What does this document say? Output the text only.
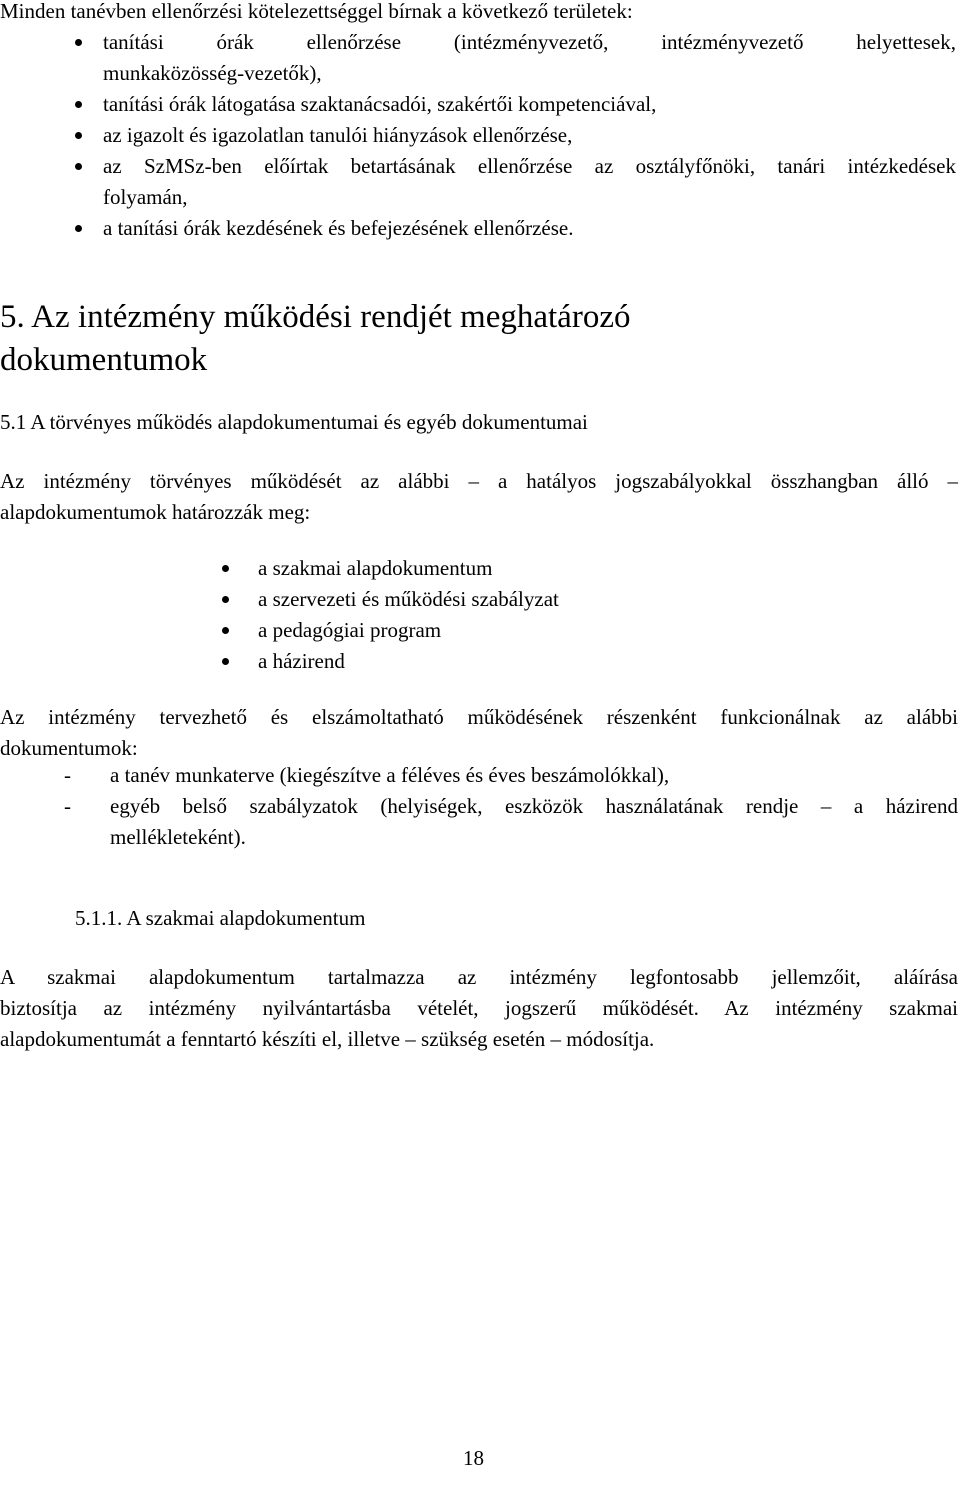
Minden tanévben ellenőrzési kötelezettséggel bírnak a következő területek:
tanítási órák ellenőrzése (intézményvezető, intézményvezető helyettesek,
munkaközösség-vezetők),
tanítási órák látogatása szaktanácsadói, szakértői kompetenciával,
az igazolt és igazolatlan tanulói hiányzások ellenőrzése,
az SzMSz-ben előírtak betartásának ellenőrzése az osztályfőnöki, tanári intézkedések
folyamán,
a tanítási órák kezdésének és befejezésének ellenőrzése.
5. Az intézmény működési rendjét meghatározó dokumentumok
5.1 A törvényes működés alapdokumentumai és egyéb dokumentumai
Az intézmény törvényes működését az alábbi – a hatályos jogszabályokkal összhangban álló –
alapdokumentumok határozzák meg:
a szakmai alapdokumentum
a szervezeti és működési szabályzat
a pedagógiai program
a házirend
Az intézmény tervezhető és elszámoltatható működésének részenként funkcionálnak az alábbi
dokumentumok:
- a tanév munkaterve (kiegészítve a féléves és éves beszámolókkal),
- egyéb belső szabályzatok (helyiségek, eszközök használatának rendje – a házirend
mellékleteként).
5.1.1. A szakmai alapdokumentum
A szakmai alapdokumentum tartalmazza az intézmény legfontosabb jellemzőit, aláírása
biztosítja az intézmény nyilvántartásba vételét, jogszerű működését. Az intézmény szakmai
alapdokumentumát a fenntartó készíti el, illetve – szükség esetén – módosítja.
18
